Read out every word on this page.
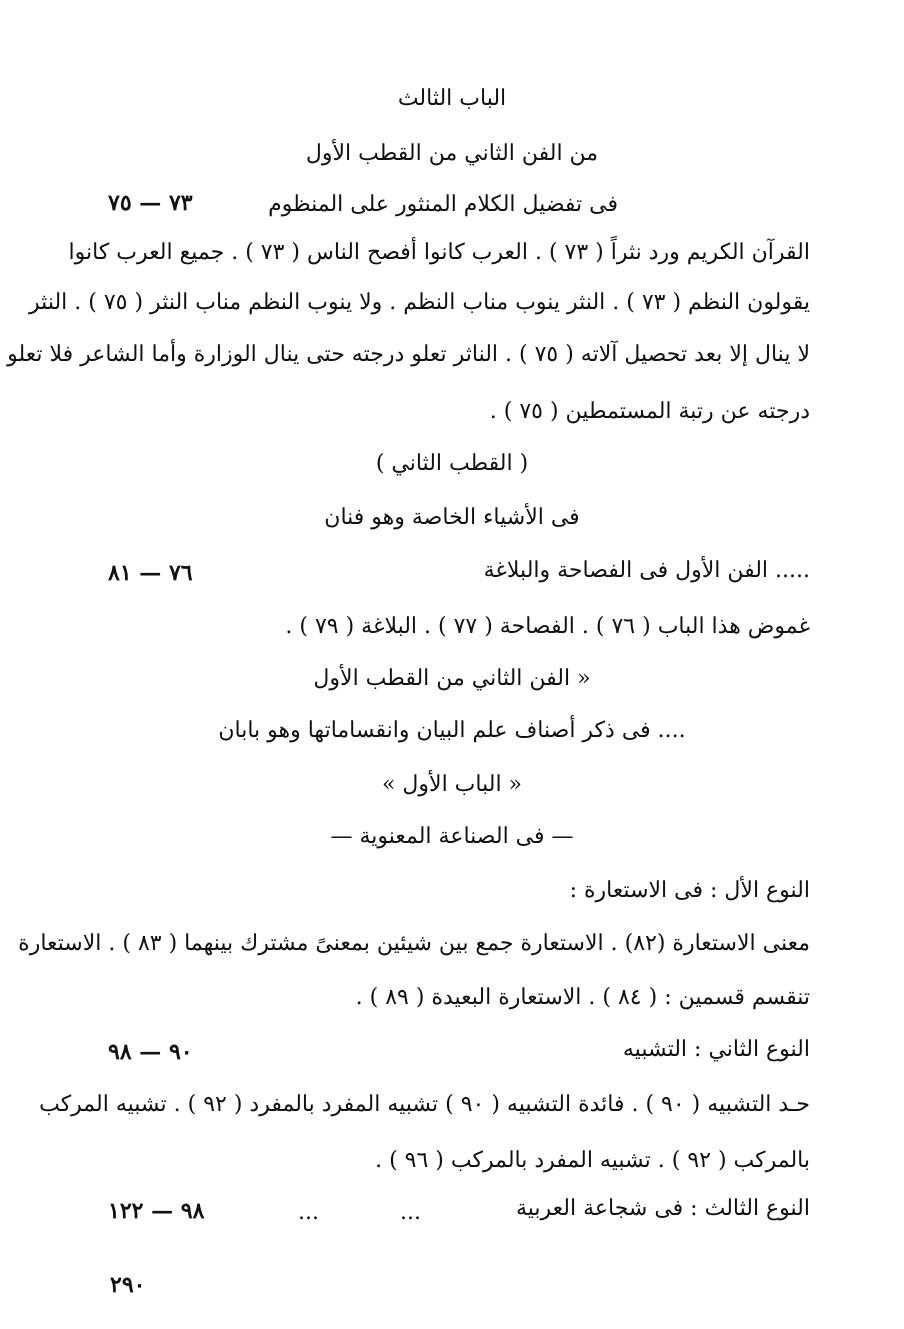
الباب الثالث
من الفن الثاني من القطب الأول
فى تفضيل الكلام المنثور على المنظوم
٧٣ — ٧٥
القرآن الكريم ورد نثراً ( ٧٣ ) . العرب كانوا أفصح الناس ( ٧٣ ) . جميع العرب كانوا
يقولون النظم ( ٧٣ ) . النثر ينوب مناب النظم . ولا ينوب النظم مناب النثر ( ٧٥ ) . النثر
لا ينال إلا بعد تحصيل آلاته ( ٧٥ ) . الناثر تعلو درجته حتى ينال الوزارة وأما الشاعر فلا تعلو
درجته عن رتبة المستمطين ( ٧٥ ) .
( القطب الثاني )
فى الأشياء الخاصة وهو فنان
..... الفن الأول فى الفصاحة والبلاغة
٧٦ — ٨١
غموض هذا الباب ( ٧٦ ) . الفصاحة ( ٧٧ ) . البلاغة ( ٧٩ ) .
« الفن الثاني من القطب الأول
.... فى ذكر أصناف علم البيان وانقساماتها وهو بابان
« الباب الأول »
— فى الصناعة المعنوية —
النوع الأل : فى الاستعارة :
معنى الاستعارة (٨٢) . الاستعارة جمع بين شيئين بمعنىً مشترك بينهما ( ٨٣ ) . الاستعارة
تنقسم قسمين : ( ٨٤ ) . الاستعارة البعيدة ( ٨٩ ) .
النوع الثاني : التشبيه
٩٠ — ٩٨
حـد التشبيه ( ٩٠ ) . فائدة التشبيه ( ٩٠ ) تشبيه المفرد بالمفرد ( ٩٢ ) . تشبيه المركب
بالمركب ( ٩٢ ) . تشبيه المفرد بالمركب ( ٩٦ ) .
النوع الثالث : فى شجاعة العربية
...
...
٩٨ — ١٢٢
٢٩٠
